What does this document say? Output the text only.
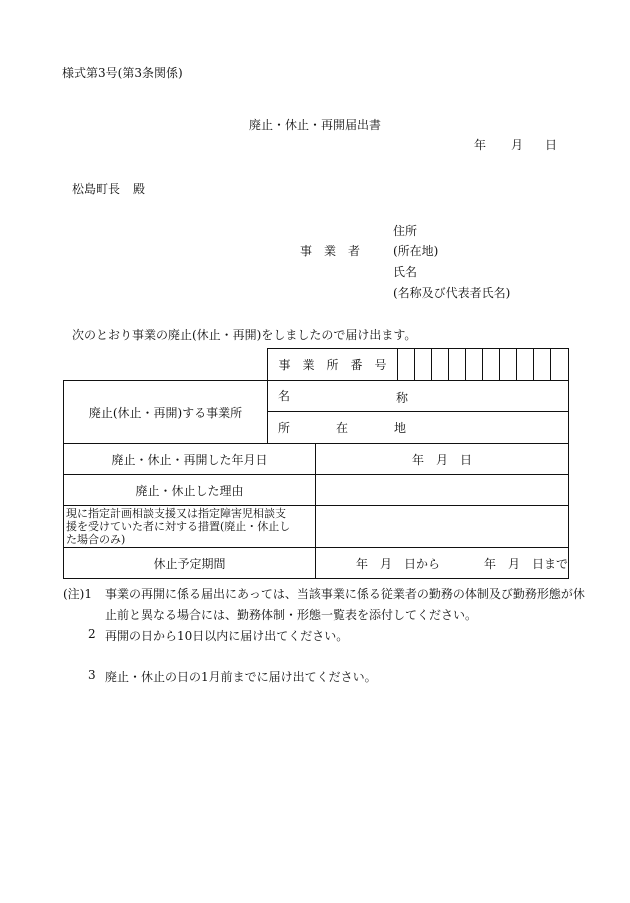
様式第3号(第3条関係)
廃止・休止・再開届出書
年 月 日
松島町長 殿
住所
事　業　者	(所在地)
氏名
(名称及び代表者氏名)
次のとおり事業の廃止(休止・再開)をしましたので届け出ます。
	事　業　所　番　号											
廃止(休止・再開)する事業所	名 称											

	所 在 地											
廃止・休止・再開した年月日		年　月　日										
廃止・休止した理由												

現に指定計画相談支援又は指定障害児相談支
援を受けていた者に対する措置(廃止・休止し
た場合のみ)												

休止予定期間		年　月　日から 年　月　日まで										
(注)1 事業の再開に係る届出にあっては、当該事業に係る従業者の勤務の体制及び勤務形態が休
止前と異なる場合には、勤務体制・形態一覧表を添付してください。
2 再開の日から10日以内に届け出てください。
3 廃止・休止の日の1月前までに届け出てください。
